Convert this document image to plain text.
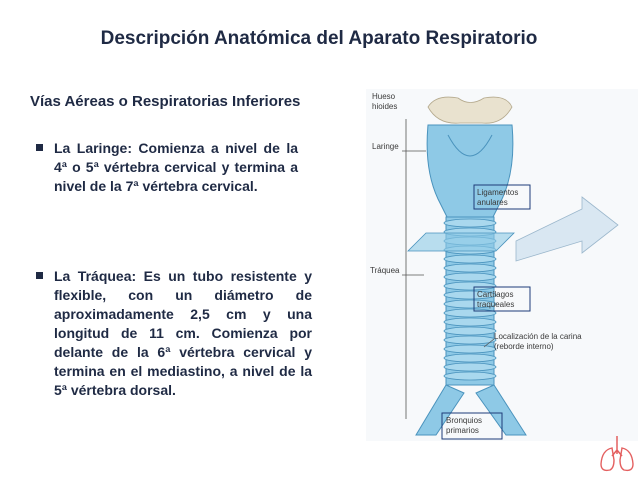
Descripción Anatómica del Aparato Respiratorio
Vías Aéreas o Respiratorias Inferiores
La Laringe: Comienza a nivel de la 4ª o 5ª vértebra cervical y termina a nivel de la 7ª vértebra cervical.
La Tráquea: Es un tubo resistente y flexible, con un diámetro de aproximadamente 2,5 cm y una longitud de 11 cm. Comienza por delante de la 6ª vértebra cervical y termina en el mediastino, a nivel de la 5ª vértebra dorsal.
Hueso
hioides
Laringe
Ligamentos
anulares
Tráquea
Cartílagos
traqueales
Localización de la carina
(reborde interno)
Bronquios
primarios
